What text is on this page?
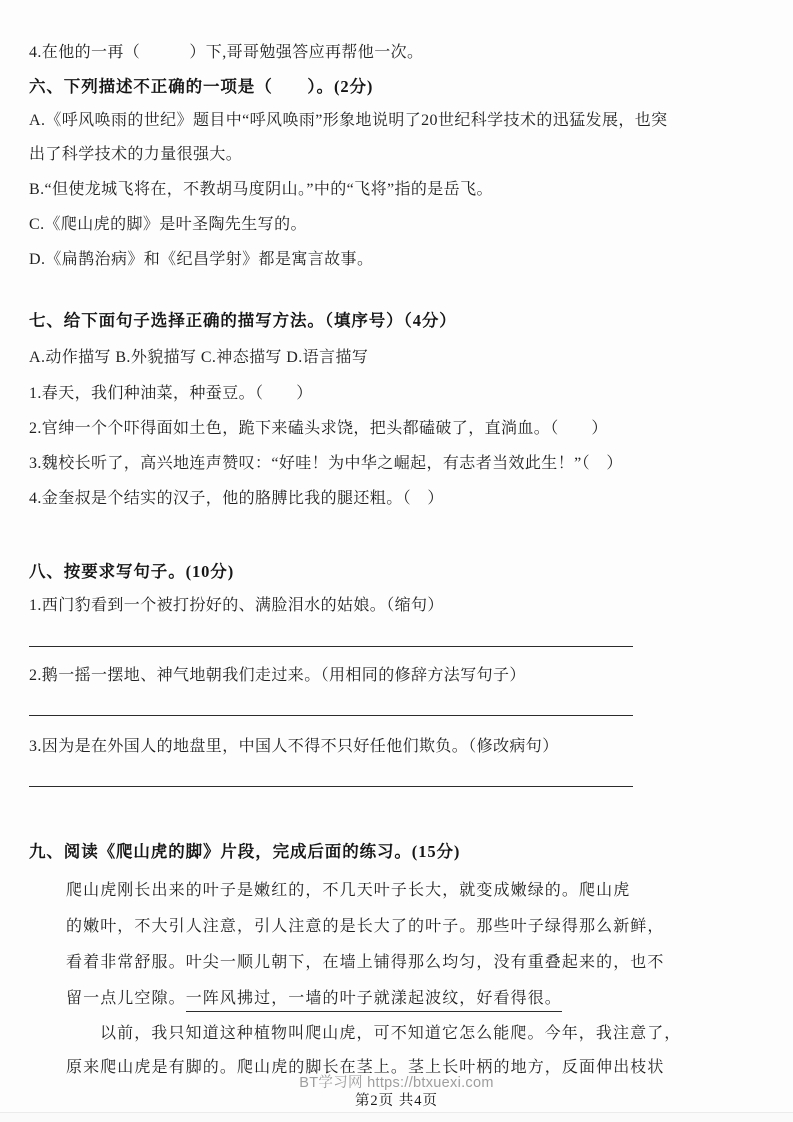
4.在他的一再（　　　）下,哥哥勉强答应再帮他一次。
六、下列描述不正确的一项是（　　）。(2分)
A.《呼风唤雨的世纪》题目中“呼风唤雨”形象地说明了20世纪科学技术的迅猛发展，也突
出了科学技术的力量很强大。
B.“但使龙城飞将在，不教胡马度阴山。”中的“飞将”指的是岳飞。
C.《爬山虎的脚》是叶圣陶先生写的。
D.《扁鹊治病》和《纪昌学射》都是寓言故事。
七、给下面句子选择正确的描写方法。（填序号）（4分）
A.动作描写 B.外貌描写 C.神态描写 D.语言描写
1.春天，我们种油菜，种蚕豆。（　　）
2.官绅一个个吓得面如土色，跪下来磕头求饶，把头都磕破了，直淌血。（　　）
3.魏校长听了，高兴地连声赞叹：“好哇！为中华之崛起，有志者当效此生！”（　）
4.金奎叔是个结实的汉子，他的胳膊比我的腿还粗。（　）
八、按要求写句子。(10分)
1.西门豹看到一个被打扮好的、满脸泪水的姑娘。（缩句）
2.鹅一摇一摆地、神气地朝我们走过来。（用相同的修辞方法写句子）
3.因为是在外国人的地盘里，中国人不得不只好任他们欺负。（修改病句）
九、阅读《爬山虎的脚》片段，完成后面的练习。(15分)
爬山虎刚长出来的叶子是嫩红的，不几天叶子长大，就变成嫩绿的。爬山虎
的嫩叶，不大引人注意，引人注意的是长大了的叶子。那些叶子绿得那么新鲜，
看着非常舒服。叶尖一顺儿朝下，在墙上铺得那么均匀，没有重叠起来的，也不
留一点儿空隙。一阵风拂过，一墙的叶子就漾起波纹，好看得很。
以前，我只知道这种植物叫爬山虎，可不知道它怎么能爬。今年，我注意了，
原来爬山虎是有脚的。爬山虎的脚长在茎上。茎上长叶柄的地方，反面伸出枝状
BT学习网 https://btxuexi.com
第2页 共4页
